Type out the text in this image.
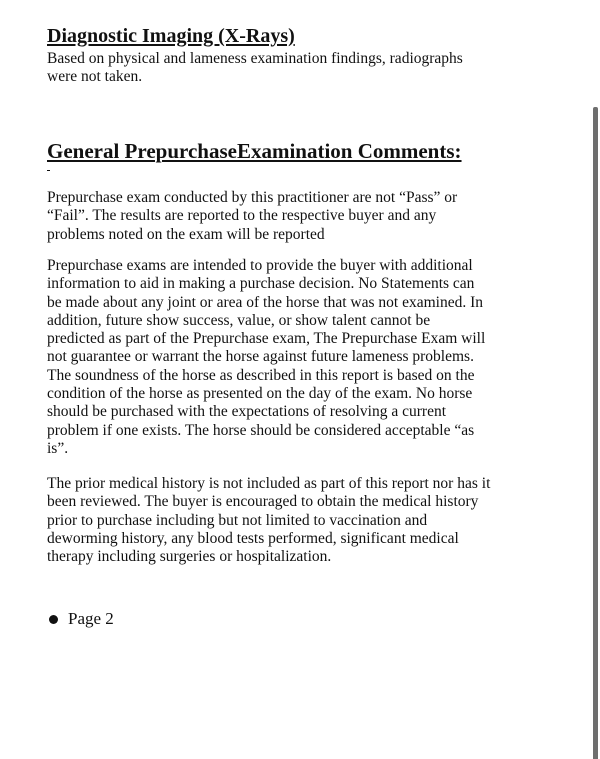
Diagnostic Imaging (X-Rays)

Based on physical and lameness examination findings, radiographs
were not taken.

General PrepurchaseExamination Comments:

Prepurchase exam conducted by this practitioner are not “Pass” or
“Fail”. The results are reported to the respective buyer and any
problems noted on the exam will be reported

Prepurchase exams are intended to provide the buyer with additional
information to aid in making a purchase decision. No Statements can
be made about any joint or area of the horse that was not examined. In
addition, future show success, value, or show talent cannot be
predicted as part of the Prepurchase exam, The Prepurchase Exam will
not guarantee or warrant the horse against future lameness problems.
The soundness of the horse as described in this report is based on the
condition of the horse as presented on the day of the exam. No horse
should be purchased with the expectations of resolving a current
problem if one exists. The horse should be considered acceptable “as
is”.

The prior medical history is not included as part of this report nor has it
been reviewed. The buyer is encouraged to obtain the medical history
prior to purchase including but not limited to vaccination and
deworming history, any blood tests performed, significant medical
therapy including surgeries or hospitalization.

Page 2
